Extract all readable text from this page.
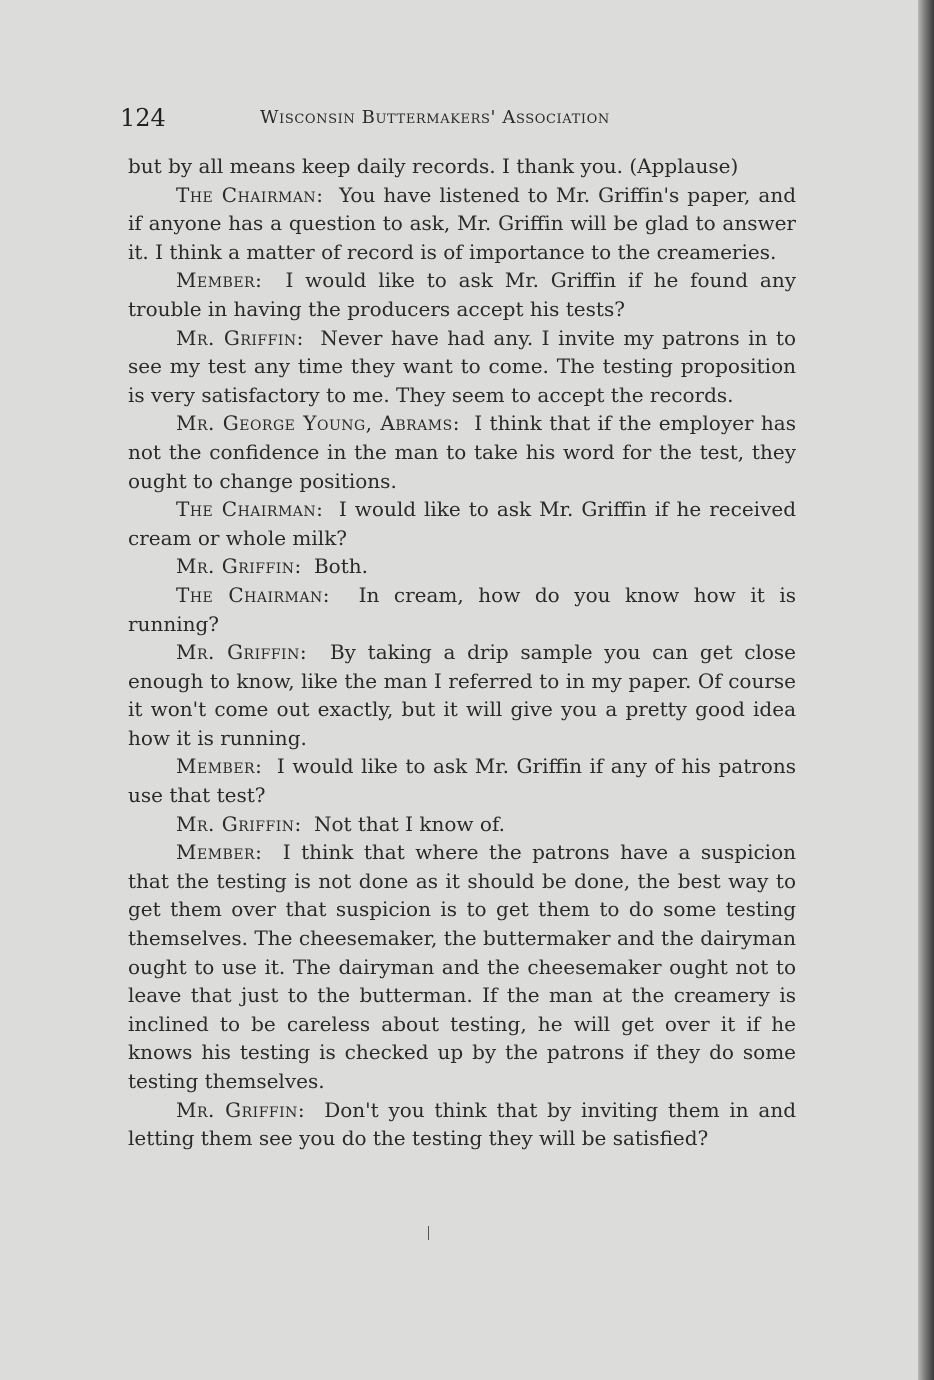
124	Wisconsin Buttermakers' Association

but by all means keep daily records. I thank you. (Applause)

The Chairman:  You have listened to Mr. Griffin's paper, and if anyone has a question to ask, Mr. Griffin will be glad to answer it. I think a matter of record is of importance to the creameries.

Member:  I would like to ask Mr. Griffin if he found any trouble in having the producers accept his tests?

Mr. Griffin:  Never have had any. I invite my patrons in to see my test any time they want to come. The testing proposition is very satisfactory to me. They seem to accept the records.

Mr. George Young, Abrams:  I think that if the employer has not the confidence in the man to take his word for the test, they ought to change positions.

The Chairman:  I would like to ask Mr. Griffin if he received cream or whole milk?

Mr. Griffin:  Both.

The Chairman:  In cream, how do you know how it is running?

Mr. Griffin:  By taking a drip sample you can get close enough to know, like the man I referred to in my paper. Of course it won't come out exactly, but it will give you a pretty good idea how it is running.

Member:  I would like to ask Mr. Griffin if any of his patrons use that test?

Mr. Griffin:  Not that I know of.

Member:  I think that where the patrons have a suspicion that the testing is not done as it should be done, the best way to get them over that suspicion is to get them to do some testing themselves. The cheesemaker, the buttermaker and the dairyman ought to use it. The dairyman and the cheesemaker ought not to leave that just to the butterman. If the man at the creamery is inclined to be careless about testing, he will get over it if he knows his testing is checked up by the patrons if they do some testing themselves.

Mr. Griffin:  Don't you think that by inviting them in and letting them see you do the testing they will be satisfied?
